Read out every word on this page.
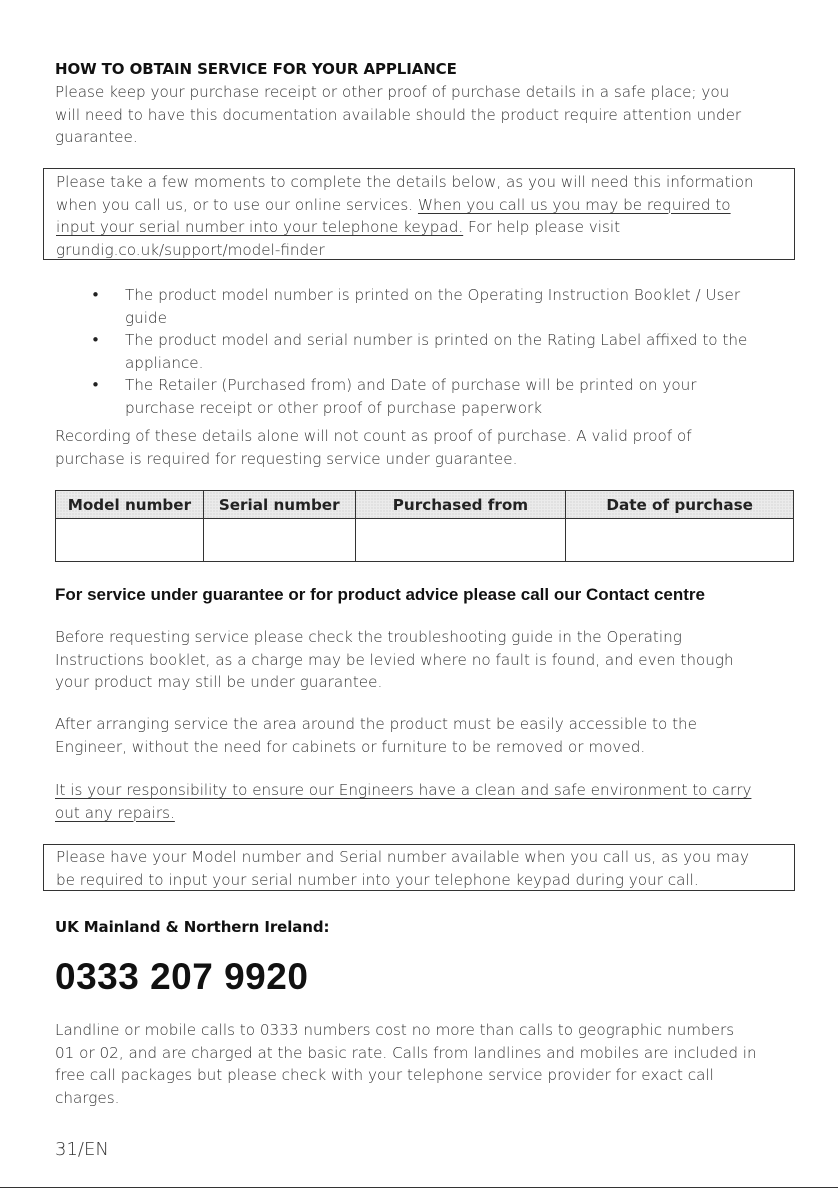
HOW TO OBTAIN SERVICE FOR YOUR APPLIANCE
Please keep your purchase receipt or other proof of purchase details in a safe place; you
will need to have this documentation available should the product require attention under
guarantee.
Please take a few moments to complete the details below, as you will need this information
when you call us, or to use our online services. When you call us you may be required to
input your serial number into your telephone keypad. For help please visit
grundig.co.uk/support/model-finder
• The product model number is printed on the Operating Instruction Booklet / User
guide
• The product model and serial number is printed on the Rating Label affixed to the
appliance.
• The Retailer (Purchased from) and Date of purchase will be printed on your
purchase receipt or other proof of purchase paperwork
Recording of these details alone will not count as proof of purchase. A valid proof of
purchase is required for requesting service under guarantee.
Model number	Serial number	Purchased from	Date of purchase

For service under guarantee or for product advice please call our Contact centre
Before requesting service please check the troubleshooting guide in the Operating
Instructions booklet, as a charge may be levied where no fault is found, and even though
your product may still be under guarantee.
After arranging service the area around the product must be easily accessible to the
Engineer, without the need for cabinets or furniture to be removed or moved.
It is your responsibility to ensure our Engineers have a clean and safe environment to carry
out any repairs.
Please have your Model number and Serial number available when you call us, as you may
be required to input your serial number into your telephone keypad during your call.
UK Mainland & Northern Ireland:
0333 207 9920
Landline or mobile calls to 0333 numbers cost no more than calls to geographic numbers
01 or 02, and are charged at the basic rate. Calls from landlines and mobiles are included in
free call packages but please check with your telephone service provider for exact call
charges.
31/EN
